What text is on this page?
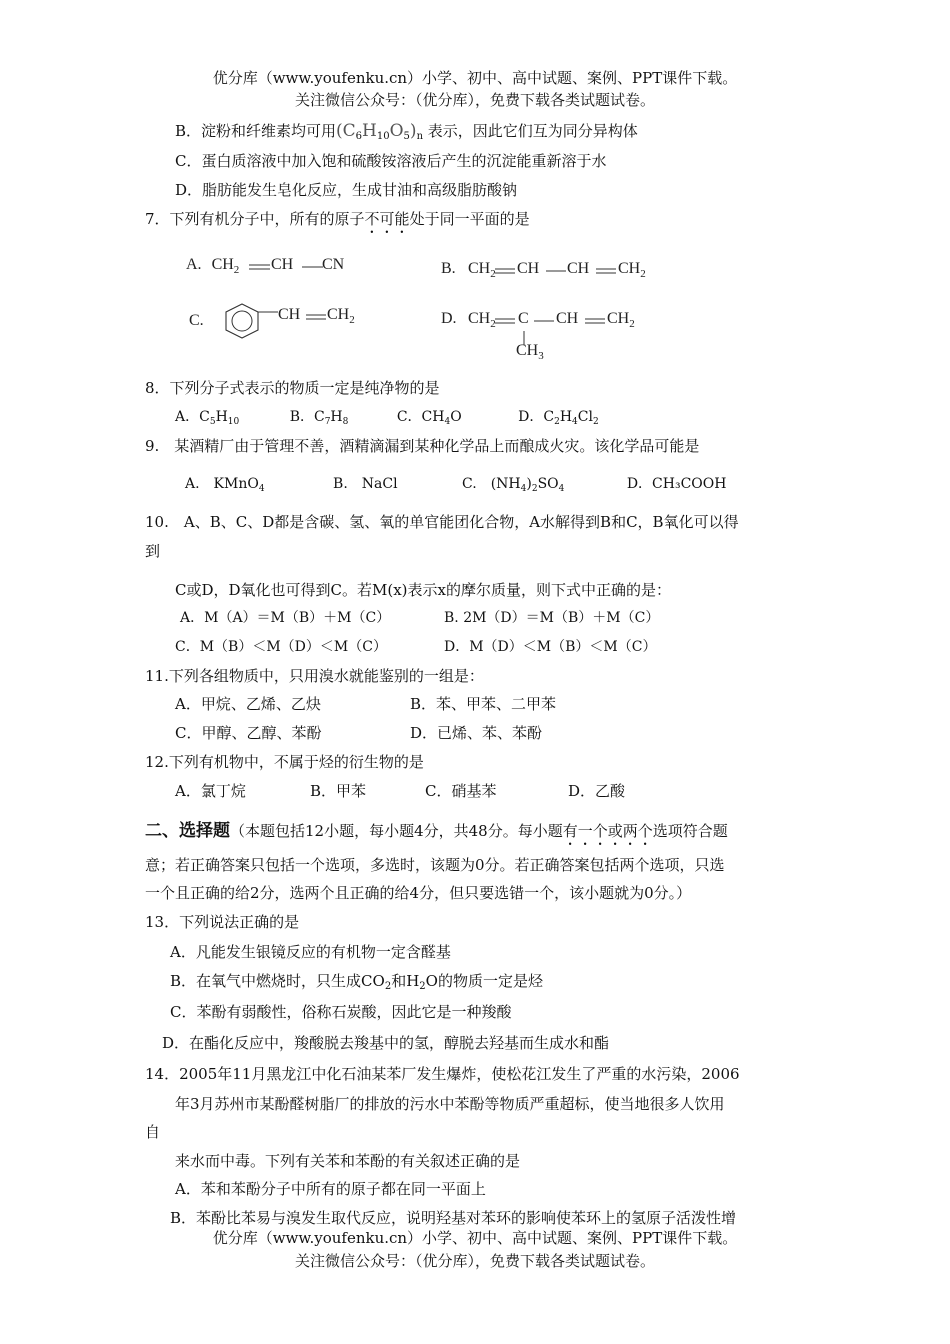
优分库（www.youfenku.cn）小学、初中、高中试题、案例、PPT课件下载。
关注微信公众号：（优分库），免费下载各类试题试卷。
B．淀粉和纤维素均可用$(C_6H_{10}O_5)_n$ 表示，因此它们互为同分异构体
C．蛋白质溶液中加入饱和硫酸铵溶液后产生的沉淀能重新溶于水
D．脂肪能发生皂化反应，生成甘油和高级脂肪酸钠
7．下列有机分子中，所有的原子不可能处于同一平面的是
A. $CH_2$ CH CN	B. $CH_2$ CH CH $CH_2$
C.	CH $CH_2$	D. $CH_2$ C CH $CH_2$
$CH_3$
8．下列分子式表示的物质一定是纯净物的是
A．$C_5H_{10}$	B．$C_7H_8$	C．$CH_4O$	D．$C_2H_4Cl_2$
9.　某酒精厂由于管理不善，酒精滴漏到某种化学品上而酿成火灾。该化学品可能是
A.　KMnO$_4$	B.　NaCl	C.　$(NH_4)_2SO_4$	D．CH₃COOH
10.　A、B、C、D都是含碳、氢、氧的单官能团化合物，A水解得到B和C，B氧化可以得
到
C或D，D氧化也可得到C。若M(x)表示x的摩尔质量，则下式中正确的是：
A．M（A）＝M（B）＋M（C）	B. 2M（D）＝M（B）＋M（C）
C．M（B）＜M（D）＜M（C）	D．M（D）＜M（B）＜M（C）
11.下列各组物质中，只用溴水就能鉴别的一组是：
A．甲烷、乙烯、乙炔	B．苯、甲苯、二甲苯
C．甲醇、乙醇、苯酚	D．已烯、苯、苯酚
12.下列有机物中，不属于烃的衍生物的是
A．氯丁烷	B．甲苯	C．硝基苯	D．乙酸
二、选择题（本题包括12小题，每小题4分，共48分。每小题有一个或两个选项符合题
意；若正确答案只包括一个选项，多选时，该题为0分。若正确答案包括两个选项，只选
一个且正确的给2分，选两个且正确的给4分，但只要选错一个，该小题就为0分。）
13．下列说法正确的是
A．凡能发生银镜反应的有机物一定含醛基
B．在氧气中燃烧时，只生成$CO_2$和$H_2O$的物质一定是烃
C．苯酚有弱酸性，俗称石炭酸，因此它是一种羧酸
D．在酯化反应中，羧酸脱去羧基中的氢，醇脱去羟基而生成水和酯
14．2005年11月黑龙江中化石油某苯厂发生爆炸，使松花江发生了严重的水污染，2006
年3月苏州市某酚醛树脂厂的排放的污水中苯酚等物质严重超标，使当地很多人饮用
自
来水而中毒。下列有关苯和苯酚的有关叙述正确的是
A．苯和苯酚分子中所有的原子都在同一平面上
B．苯酚比苯易与溴发生取代反应，说明羟基对苯环的影响使苯环上的氢原子活泼性增
优分库（www.youfenku.cn）小学、初中、高中试题、案例、PPT课件下载。
关注微信公众号：（优分库），免费下载各类试题试卷。
